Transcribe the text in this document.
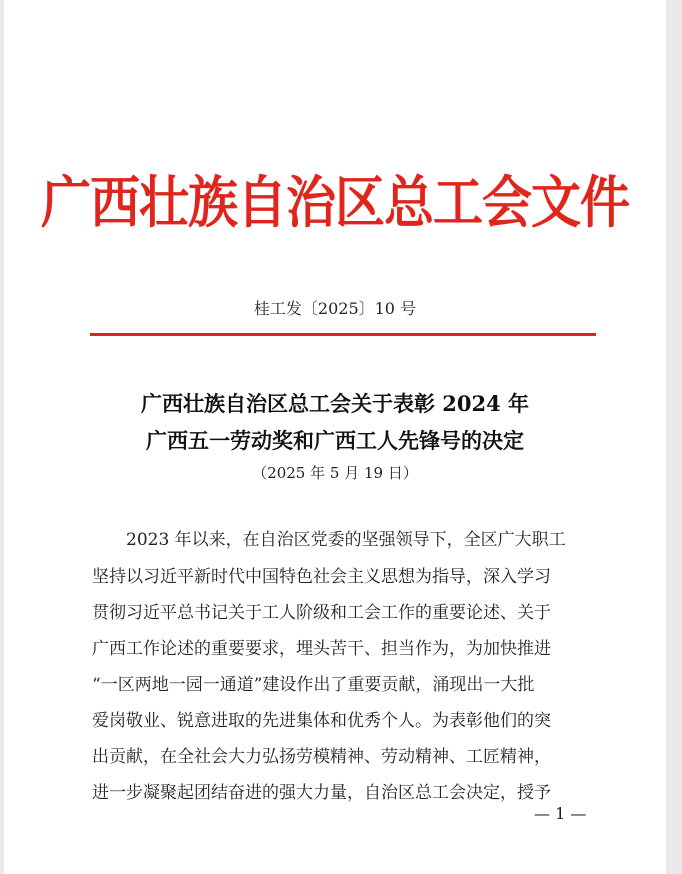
广西壮族自治区总工会文件
桂工发〔2025〕10 号
广西壮族自治区总工会关于表彰 2024 年
广西五一劳动奖和广西工人先锋号的决定
（2025 年 5 月 19 日）
2023 年以来，在自治区党委的坚强领导下，全区广大职工
坚持以习近平新时代中国特色社会主义思想为指导，深入学习
贯彻习近平总书记关于工人阶级和工会工作的重要论述、关于
广西工作论述的重要要求，埋头苦干、担当作为，为加快推进
“一区两地一园一通道”建设作出了重要贡献，涌现出一大批
爱岗敬业、锐意进取的先进集体和优秀个人。为表彰他们的突
出贡献，在全社会大力弘扬劳模精神、劳动精神、工匠精神，
进一步凝聚起团结奋进的强大力量，自治区总工会决定，授予
— 1 —
